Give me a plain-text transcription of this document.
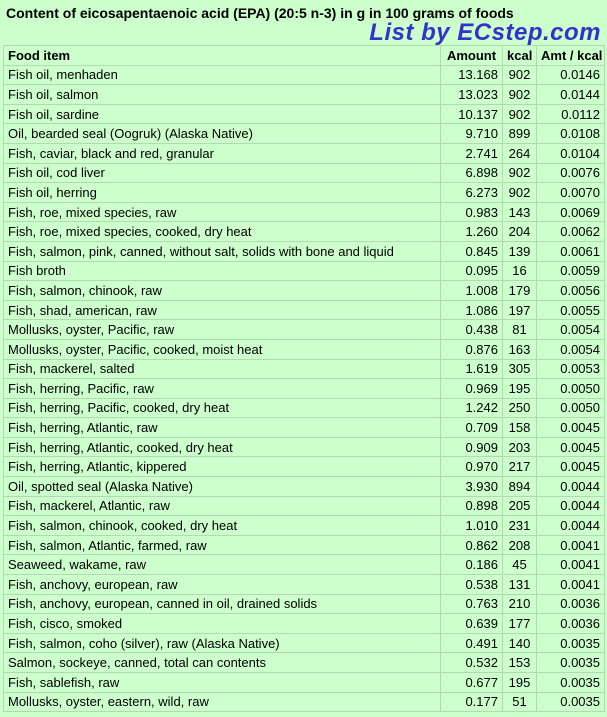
Content of eicosapentaenoic acid (EPA) (20:5 n-3) in g in 100 grams of foods
List by ECstep.com
Food item	Amount	kcal	Amt / kcal
Fish oil, menhaden	13.168	902	0.0146
Fish oil, salmon	13.023	902	0.0144
Fish oil, sardine	10.137	902	0.0112
Oil, bearded seal (Oogruk) (Alaska Native)	9.710	899	0.0108
Fish, caviar, black and red, granular	2.741	264	0.0104
Fish oil, cod liver	6.898	902	0.0076
Fish oil, herring	6.273	902	0.0070
Fish, roe, mixed species, raw	0.983	143	0.0069
Fish, roe, mixed species, cooked, dry heat	1.260	204	0.0062
Fish, salmon, pink, canned, without salt, solids with bone and liquid	0.845	139	0.0061
Fish broth	0.095	16	0.0059
Fish, salmon, chinook, raw	1.008	179	0.0056
Fish, shad, american, raw	1.086	197	0.0055
Mollusks, oyster, Pacific, raw	0.438	81	0.0054
Mollusks, oyster, Pacific, cooked, moist heat	0.876	163	0.0054
Fish, mackerel, salted	1.619	305	0.0053
Fish, herring, Pacific, raw	0.969	195	0.0050
Fish, herring, Pacific, cooked, dry heat	1.242	250	0.0050
Fish, herring, Atlantic, raw	0.709	158	0.0045
Fish, herring, Atlantic, cooked, dry heat	0.909	203	0.0045
Fish, herring, Atlantic, kippered	0.970	217	0.0045
Oil, spotted seal (Alaska Native)	3.930	894	0.0044
Fish, mackerel, Atlantic, raw	0.898	205	0.0044
Fish, salmon, chinook, cooked, dry heat	1.010	231	0.0044
Fish, salmon, Atlantic, farmed, raw	0.862	208	0.0041
Seaweed, wakame, raw	0.186	45	0.0041
Fish, anchovy, european, raw	0.538	131	0.0041
Fish, anchovy, european, canned in oil, drained solids	0.763	210	0.0036
Fish, cisco, smoked	0.639	177	0.0036
Fish, salmon, coho (silver), raw (Alaska Native)	0.491	140	0.0035
Salmon, sockeye, canned, total can contents	0.532	153	0.0035
Fish, sablefish, raw	0.677	195	0.0035
Mollusks, oyster, eastern, wild, raw	0.177	51	0.0035
